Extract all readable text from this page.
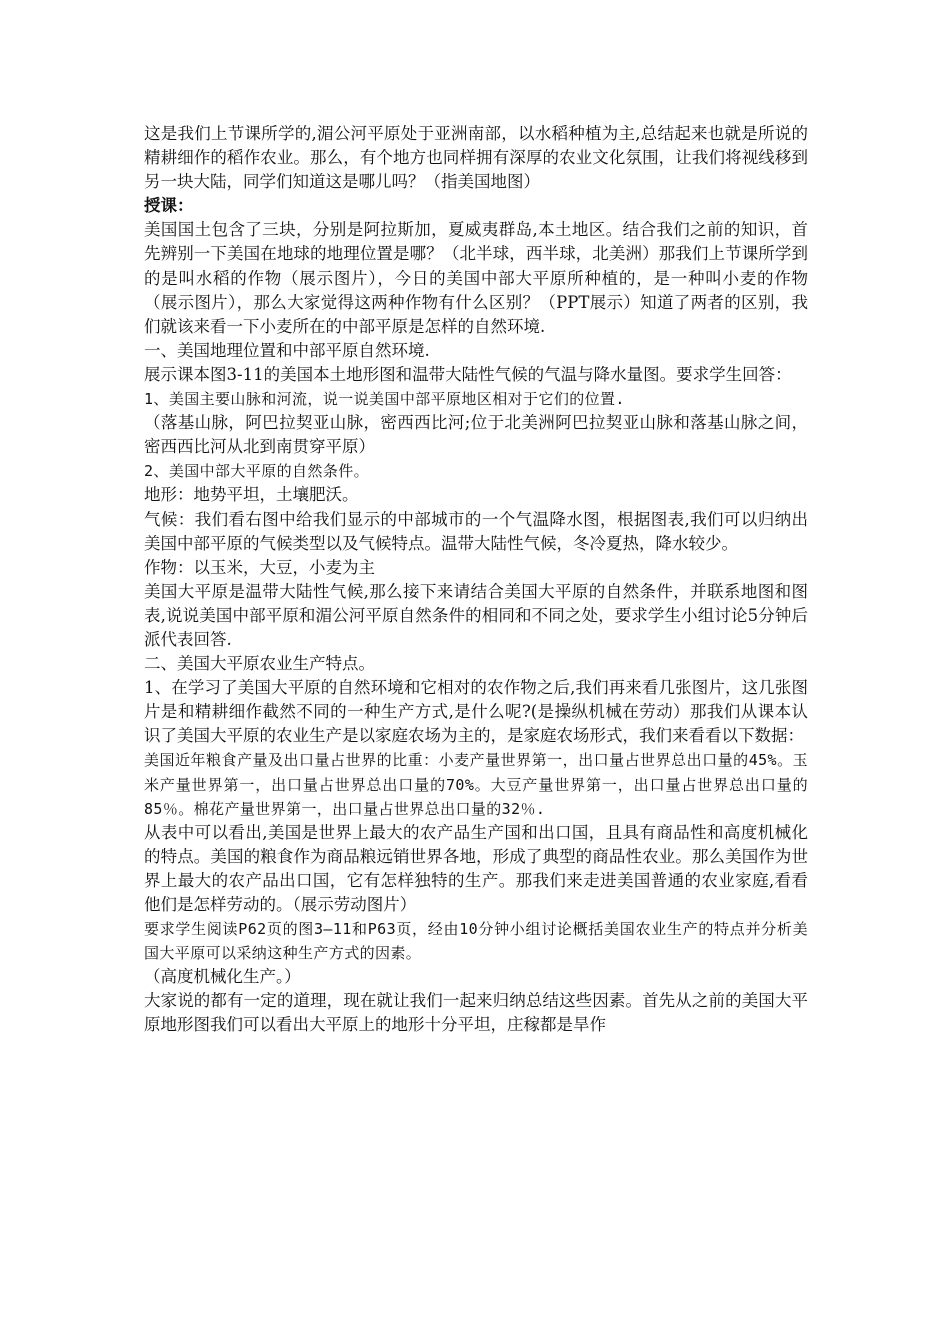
这是我们上节课所学的,湄公河平原处于亚洲南部，以水稻种植为主,总结起来也就是所说的精耕细作的稻作农业。那么，有个地方也同样拥有深厚的农业文化氛围，让我们将视线移到另一块大陆，同学们知道这是哪儿吗？（指美国地图）

授课：

美国国土包含了三块，分别是阿拉斯加，夏威夷群岛,本土地区。结合我们之前的知识，首先辨别一下美国在地球的地理位置是哪？（北半球，西半球，北美洲）那我们上节课所学到的是叫水稻的作物（展示图片），今日的美国中部大平原所种植的，是一种叫小麦的作物（展示图片），那么大家觉得这两种作物有什么区别？（PPT展示）知道了两者的区别，我们就该来看一下小麦所在的中部平原是怎样的自然环境.

一、美国地理位置和中部平原自然环境.

展示课本图3-11的美国本土地形图和温带大陆性气候的气温与降水量图。要求学生回答：

1、美国主要山脉和河流，说一说美国中部平原地区相对于它们的位置.

（落基山脉，阿巴拉契亚山脉，密西西比河;位于北美洲阿巴拉契亚山脉和落基山脉之间，密西西比河从北到南贯穿平原）

2、美国中部大平原的自然条件。

地形：地势平坦，土壤肥沃。

气候：我们看右图中给我们显示的中部城市的一个气温降水图，根据图表,我们可以归纳出美国中部平原的气候类型以及气候特点。温带大陆性气候，冬冷夏热，降水较少。

作物：以玉米，大豆，小麦为主

美国大平原是温带大陆性气候,那么接下来请结合美国大平原的自然条件，并联系地图和图表,说说美国中部平原和湄公河平原自然条件的相同和不同之处，要求学生小组讨论5分钟后派代表回答.

二、美国大平原农业生产特点。

1、在学习了美国大平原的自然环境和它相对的农作物之后,我们再来看几张图片，这几张图片是和精耕细作截然不同的一种生产方式,是什么呢?(是操纵机械在劳动）那我们从课本认识了美国大平原的农业生产是以家庭农场为主的，是家庭农场形式，我们来看看以下数据：

美国近年粮食产量及出口量占世界的比重：小麦产量世界第一，出口量占世界总出口量的45%。玉米产量世界第一，出口量占世界总出口量的70%。大豆产量世界第一，出口量占世界总出口量的85％。棉花产量世界第一，出口量占世界总出口量的32％.

从表中可以看出,美国是世界上最大的农产品生产国和出口国，且具有商品性和高度机械化的特点。美国的粮食作为商品粮远销世界各地，形成了典型的商品性农业。那么美国作为世界上最大的农产品出口国，它有怎样独特的生产。那我们来走进美国普通的农业家庭,看看他们是怎样劳动的。（展示劳动图片）

要求学生阅读P62页的图3—11和P63页，经由10分钟小组讨论概括美国农业生产的特点并分析美国大平原可以采纳这种生产方式的因素。

（高度机械化生产。）

大家说的都有一定的道理，现在就让我们一起来归纳总结这些因素。首先从之前的美国大平原地形图我们可以看出大平原上的地形十分平坦，庄稼都是旱作
